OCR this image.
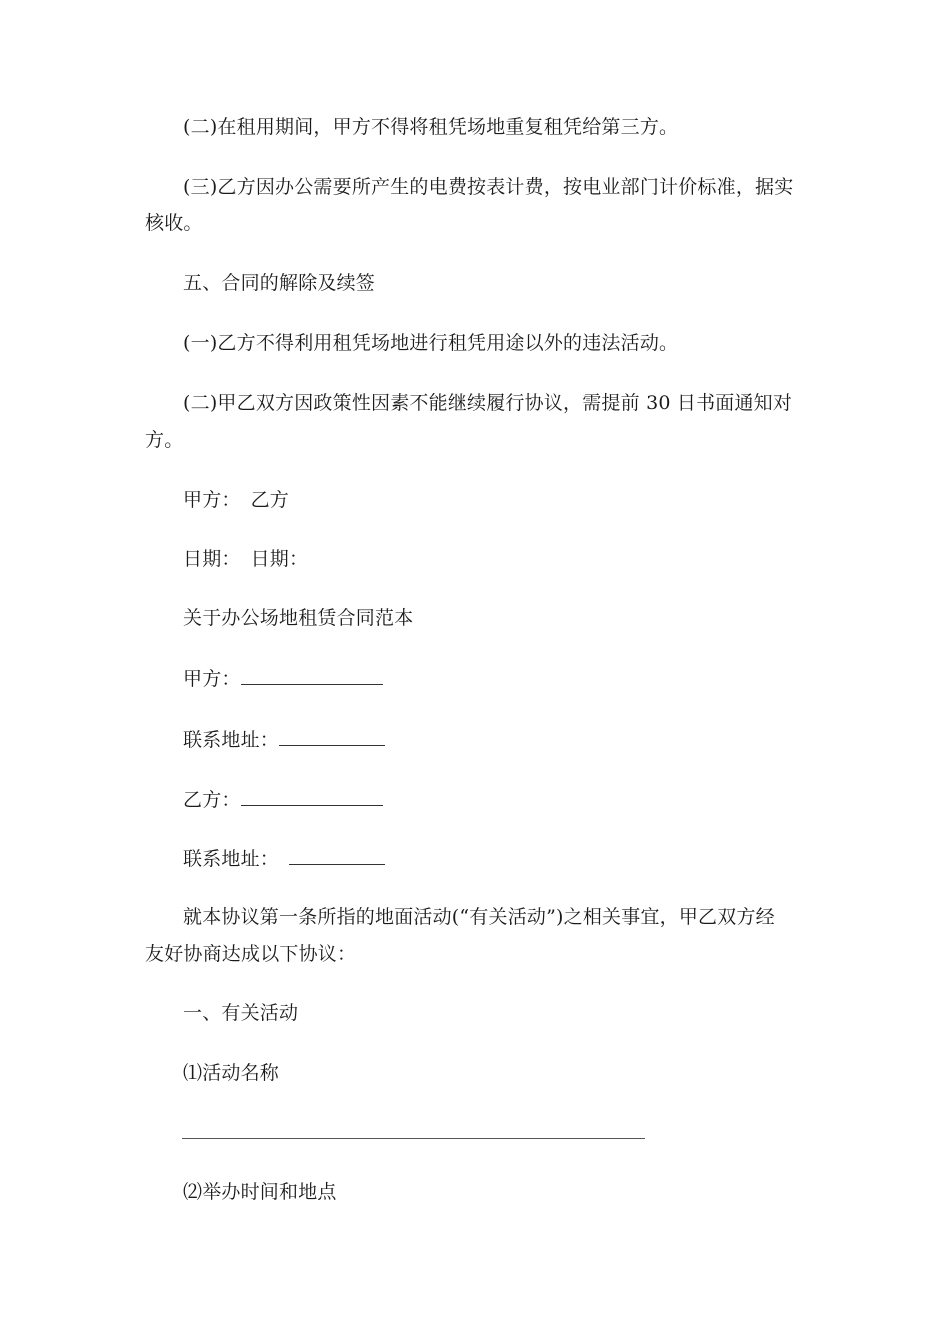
(二)在租用期间，甲方不得将租凭场地重复租凭给第三方。
(三)乙方因办公需要所产生的电费按表计费，按电业部门计价标准，据实
核收。
五、合同的解除及续签
(一)乙方不得利用租凭场地进行租凭用途以外的违法活动。
(二)甲乙双方因政策性因素不能继续履行协议，需提前 30 日书面通知对
方。
甲方： 乙方
日期： 日期：
关于办公场地租赁合同范本
甲方：
联系地址：
乙方：
联系地址：
就本协议第一条所指的地面活动(“有关活动”)之相关事宜，甲乙双方经
友好协商达成以下协议：
一、有关活动
⑴活动名称
⑵举办时间和地点
